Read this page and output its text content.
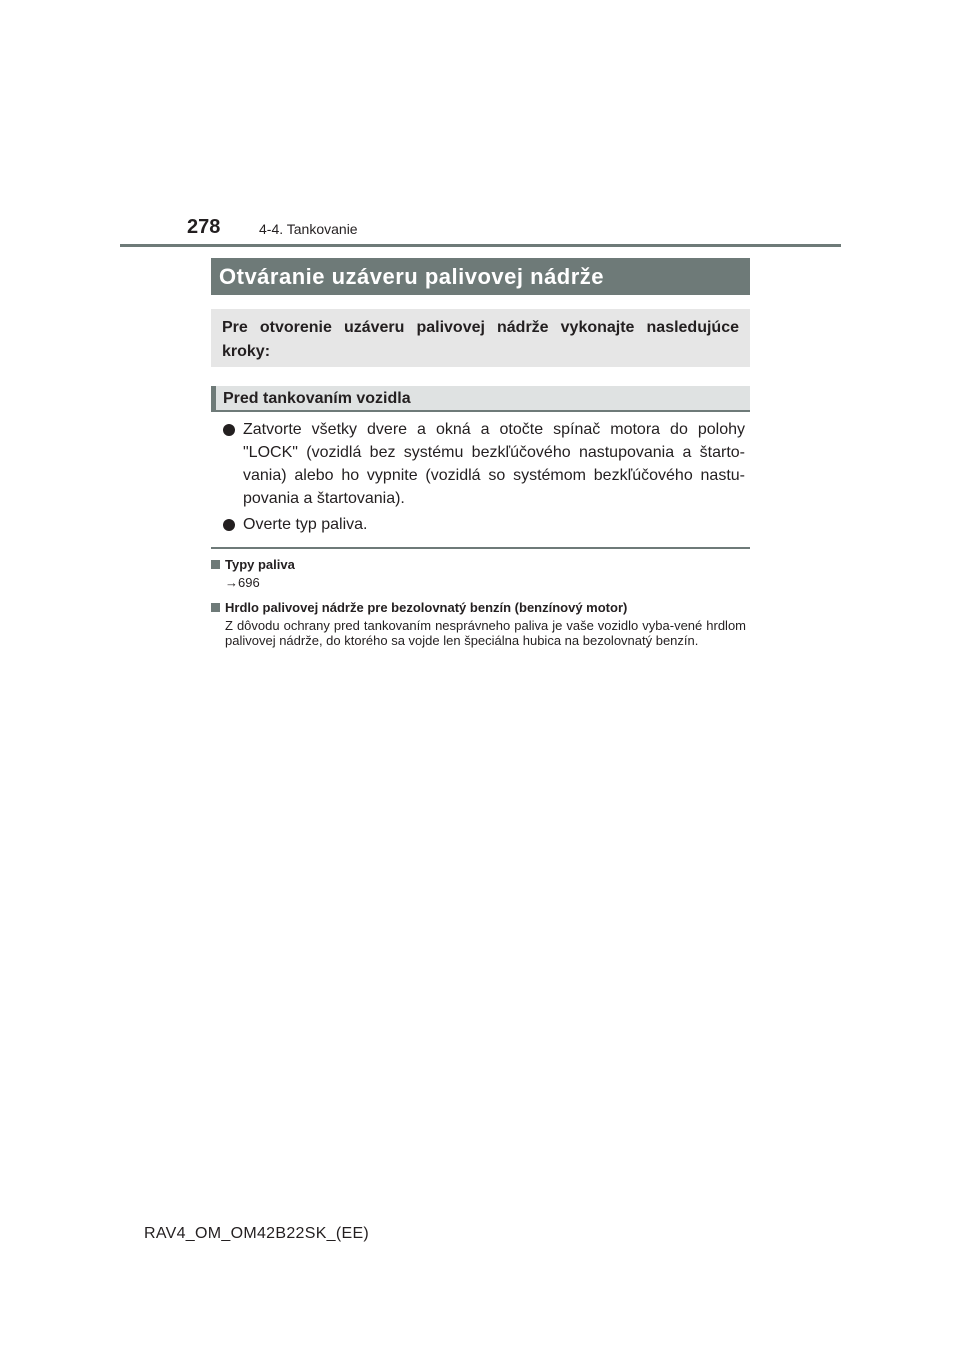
278	4-4. Tankovanie
Otváranie uzáveru palivovej nádrže
Pre otvorenie uzáveru palivovej nádrže vykonajte nasledujúce kroky:
Pred tankovaním vozidla
Zatvorte všetky dvere a okná a otočte spínač motora do polohy "LOCK" (vozidlá bez systému bezkľúčového nastupovania a štarto-vania) alebo ho vypnite (vozidlá so systémom bezkľúčového nastu-povania a štartovania).
Overte typ paliva.
Typy paliva
→696
Hrdlo palivovej nádrže pre bezolovnatý benzín (benzínový motor)
Z dôvodu ochrany pred tankovaním nesprávneho paliva je vaše vozidlo vyba-vené hrdlom palivovej nádrže, do ktorého sa vojde len špeciálna hubica na bezolovnatý benzín.
RAV4_OM_OM42B22SK_(EE)
